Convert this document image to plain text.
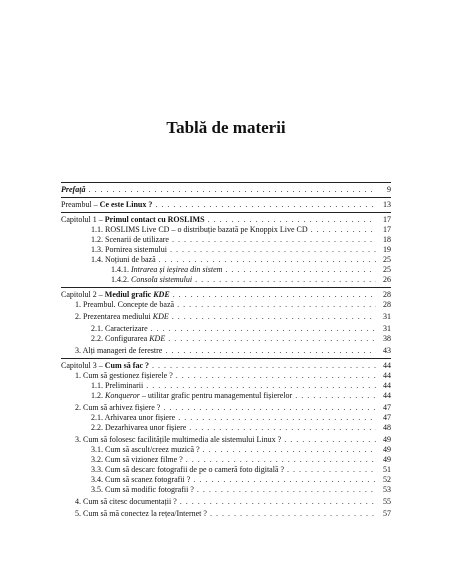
Tablă de materii
Prefață . . .	9
Preambul – Ce este Linux ? . . .	13
Capitolul 1 – Primul contact cu ROSLIMS . . .	17
1.1. ROSLIMS Live CD – o distribuție bazată pe Knoppix Live CD . . .	17
1.2. Scenarii de utilizare . . .	18
1.3. Pornirea sistemului . . .	19
1.4. Noțiuni de bază . . .	25
1.4.1. Intrarea și ieșirea din sistem . . .	25
1.4.2. Consola sistemului . . .	26
Capitolul 2 – Mediul grafic KDE . . .	28
1. Preambul. Concepte de bază . . .	28
2. Prezentarea mediului KDE . . .	31
2.1. Caracterizare . . .	31
2.2. Configurarea KDE . . .	38
3. Alți manageri de ferestre . . .	43
Capitolul 3 – Cum să fac ? . . .	44
1. Cum să gestionez fișierele ? . . .	44
1.1. Preliminarii . . .	44
1.2. Konqueror – utilitar grafic pentru managementul fișierelor . . .	44
2. Cum să arhivez fișiere ? . . .	47
2.1. Arhivarea unor fișiere . . .	47
2.2. Dezarhivarea unor fișiere . . .	48
3. Cum să folosesc facilitățile multimedia ale sistemului Linux ? . . .	49
3.1. Cum să ascult/creez muzică ? . . .	49
3.2. Cum să vizionez filme ? . . .	49
3.3. Cum să descarc fotografii de pe o cameră foto digitală ? . . .	51
3.4. Cum să scanez fotografii ? . . .	52
3.5. Cum să modific fotografii ? . . .	53
4. Cum să citesc documentații ? . . .	55
5. Cum să mă conectez la rețea/Internet ? . . .	57
